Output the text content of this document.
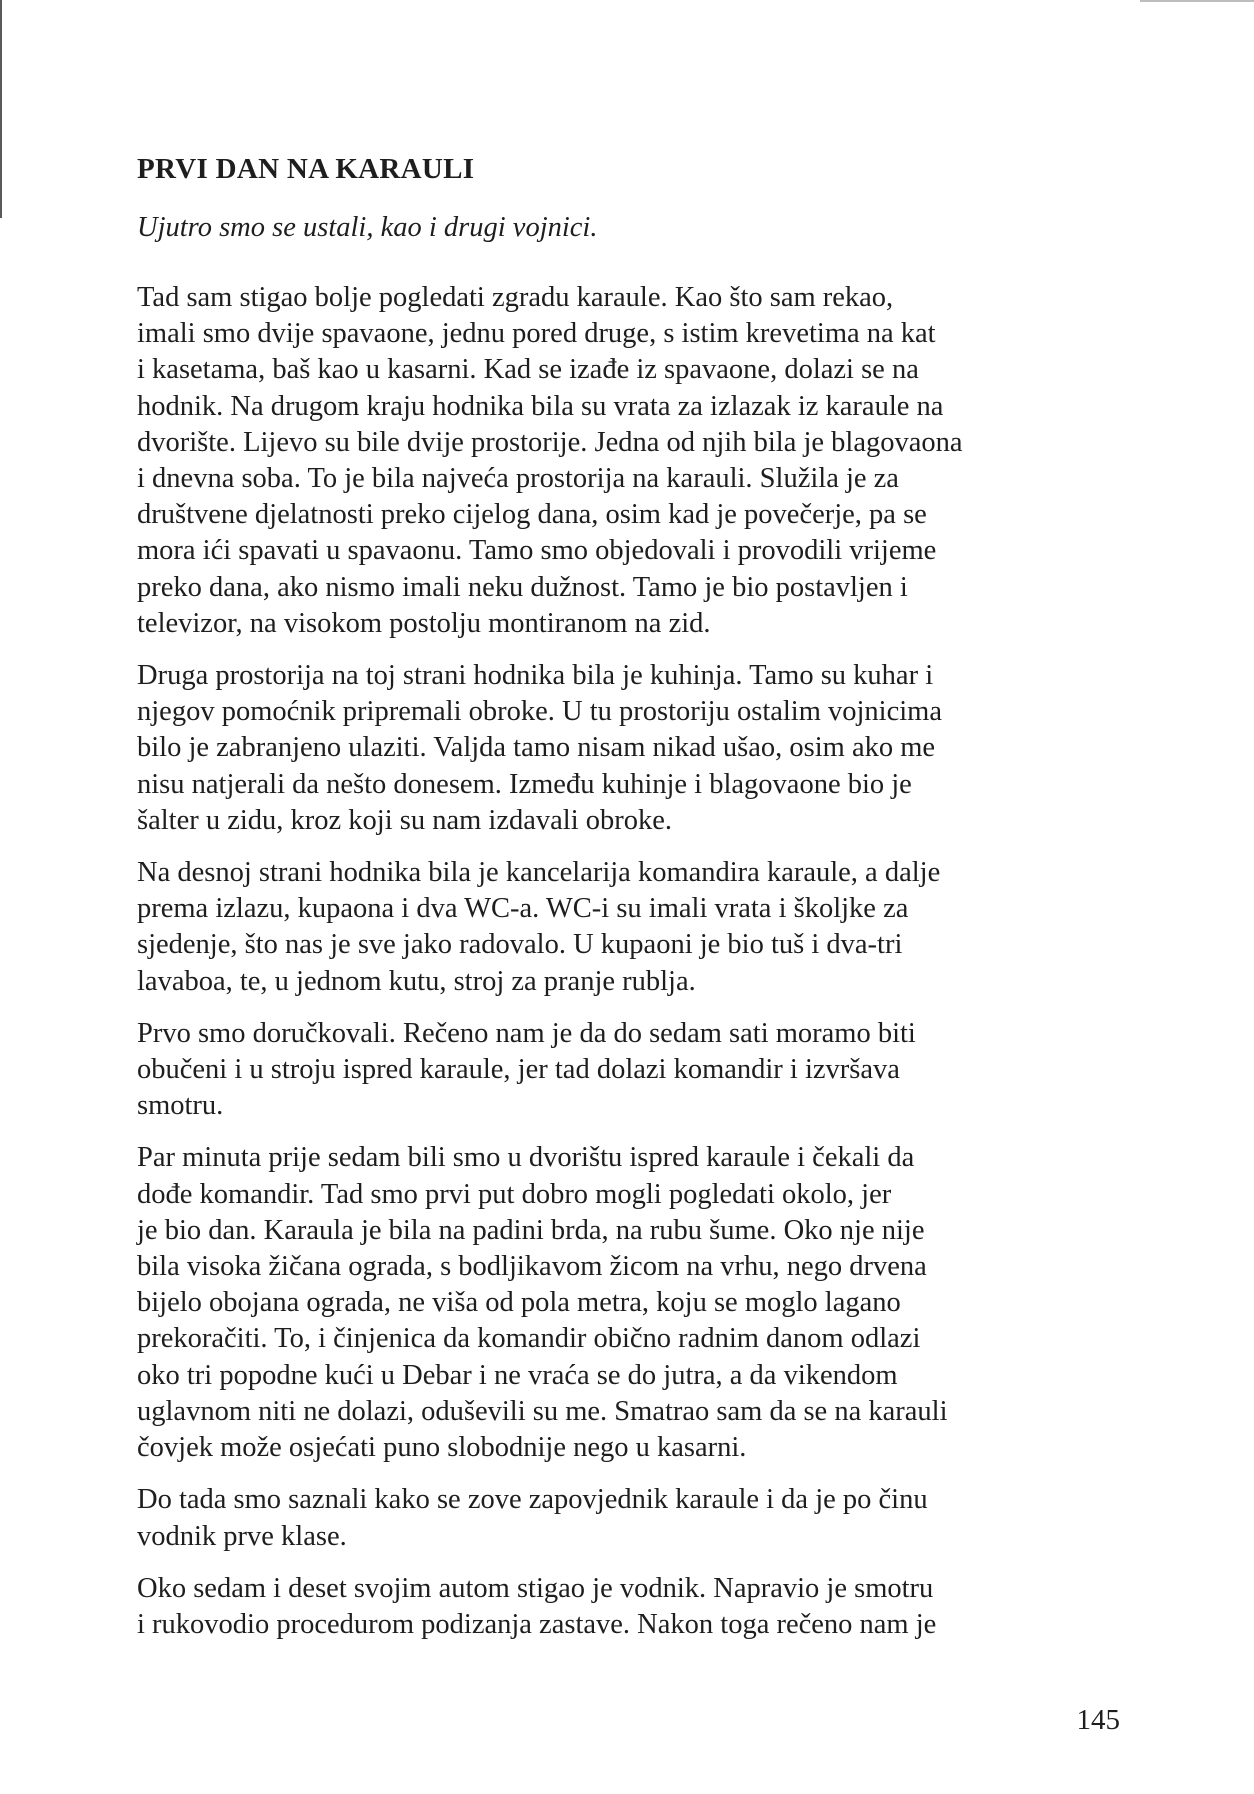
PRVI DAN NA KARAULI

Ujutro smo se ustali, kao i drugi vojnici.

Tad sam stigao bolje pogledati zgradu karaule. Kao što sam rekao,
imali smo dvije spavaone, jednu pored druge, s istim krevetima na kat
i kasetama, baš kao u kasarni. Kad se izađe iz spavaone, dolazi se na
hodnik. Na drugom kraju hodnika bila su vrata za izlazak iz karaule na
dvorište. Lijevo su bile dvije prostorije. Jedna od njih bila je blagovaona
i dnevna soba. To je bila najveća prostorija na karauli. Služila je za
društvene djelatnosti preko cijelog dana, osim kad je povečerje, pa se
mora ići spavati u spavaonu. Tamo smo objedovali i provodili vrijeme
preko dana, ako nismo imali neku dužnost. Tamo je bio postavljen i
televizor, na visokom postolju montiranom na zid.

Druga prostorija na toj strani hodnika bila je kuhinja. Tamo su kuhar i
njegov pomoćnik pripremali obroke. U tu prostoriju ostalim vojnicima
bilo je zabranjeno ulaziti. Valjda tamo nisam nikad ušao, osim ako me
nisu natjerali da nešto donesem. Između kuhinje i blagovaone bio je
šalter u zidu, kroz koji su nam izdavali obroke.

Na desnoj strani hodnika bila je kancelarija komandira karaule, a dalje
prema izlazu, kupaona i dva WC-a. WC-i su imali vrata i školjke za
sjedenje, što nas je sve jako radovalo. U kupaoni je bio tuš i dva-tri
lavaboa, te, u jednom kutu, stroj za pranje rublja.

Prvo smo doručkovali. Rečeno nam je da do sedam sati moramo biti
obučeni i u stroju ispred karaule, jer tad dolazi komandir i izvršava
smotru.

Par minuta prije sedam bili smo u dvorištu ispred karaule i čekali da
dođe komandir. Tad smo prvi put dobro mogli pogledati okolo, jer
je bio dan. Karaula je bila na padini brda, na rubu šume. Oko nje nije
bila visoka žičana ograda, s bodljikavom žicom na vrhu, nego drvena
bijelo obojana ograda, ne viša od pola metra, koju se moglo lagano
prekoračiti. To, i činjenica da komandir obično radnim danom odlazi
oko tri popodne kući u Debar i ne vraća se do jutra, a da vikendom
uglavnom niti ne dolazi, oduševili su me. Smatrao sam da se na karauli
čovjek može osjećati puno slobodnije nego u kasarni.

Do tada smo saznali kako se zove zapovjednik karaule i da je po činu
vodnik prve klase.

Oko sedam i deset svojim autom stigao je vodnik. Napravio je smotru
i rukovodio procedurom podizanja zastave. Nakon toga rečeno nam je

145
